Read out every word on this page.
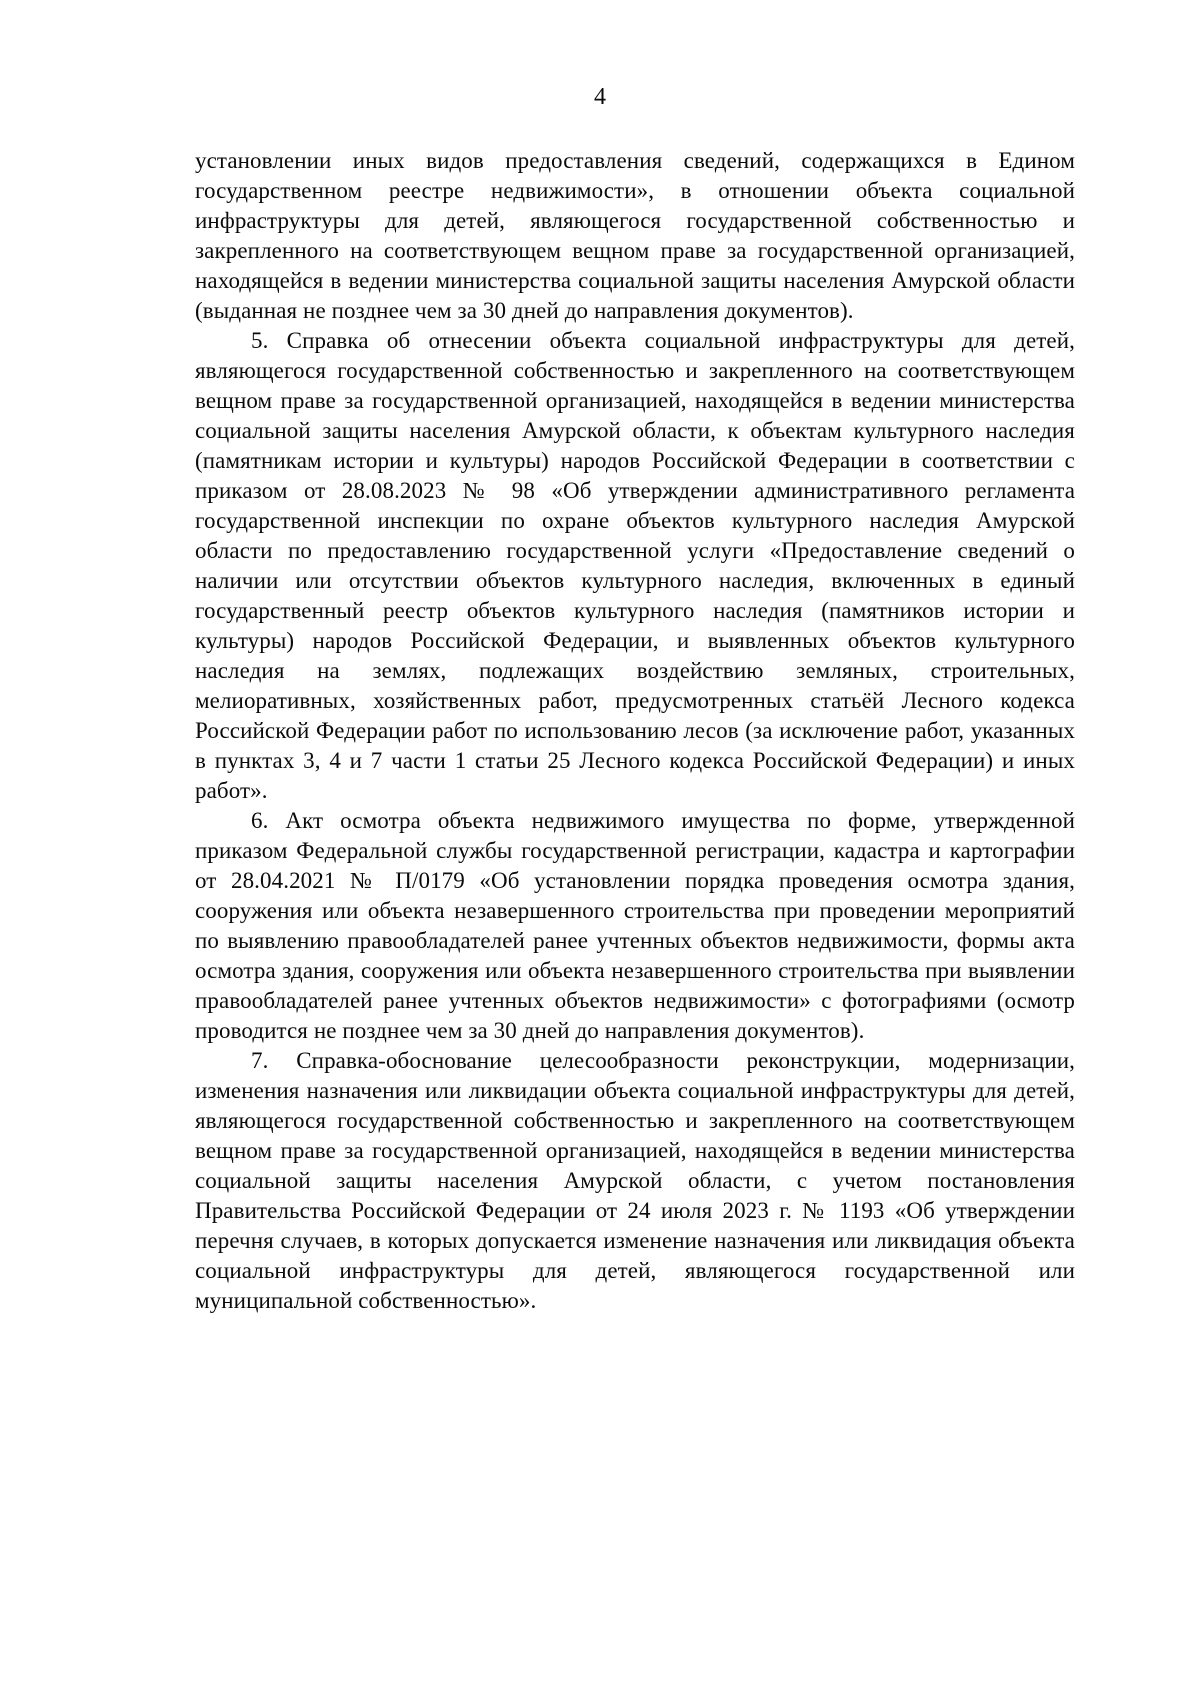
4

установлении иных видов предоставления сведений, содержащихся в Едином государственном реестре недвижимости», в отношении объекта социальной инфраструктуры для детей, являющегося государственной собственностью и закрепленного на соответствующем вещном праве за государственной организацией, находящейся в ведении министерства социальной защиты населения Амурской области (выданная не позднее чем за 30 дней до направления документов).

5. Справка об отнесении объекта социальной инфраструктуры для детей, являющегося государственной собственностью и закрепленного на соответствующем вещном праве за государственной организацией, находящейся в ведении министерства социальной защиты населения Амурской области, к объектам культурного наследия (памятникам истории и культуры) народов Российской Федерации в соответствии с приказом от 28.08.2023 № 98 «Об утверждении административного регламента государственной инспекции по охране объектов культурного наследия Амурской области по предоставлению государственной услуги «Предоставление сведений о наличии или отсутствии объектов культурного наследия, включенных в единый государственный реестр объектов культурного наследия (памятников истории и культуры) народов Российской Федерации, и выявленных объектов культурного наследия на землях, подлежащих воздействию земляных, строительных, мелиоративных, хозяйственных работ, предусмотренных статьёй Лесного кодекса Российской Федерации работ по использованию лесов (за исключение работ, указанных в пунктах 3, 4 и 7 части 1 статьи 25 Лесного кодекса Российской Федерации) и иных работ».

6. Акт осмотра объекта недвижимого имущества по форме, утвержденной приказом Федеральной службы государственной регистрации, кадастра и картографии от 28.04.2021 № П/0179 «Об установлении порядка проведения осмотра здания, сооружения или объекта незавершенного строительства при проведении мероприятий по выявлению правообладателей ранее учтенных объектов недвижимости, формы акта осмотра здания, сооружения или объекта незавершенного строительства при выявлении правообладателей ранее учтенных объектов недвижимости» с фотографиями (осмотр проводится не позднее чем за 30 дней до направления документов).

7. Справка-обоснование целесообразности реконструкции, модернизации, изменения назначения или ликвидации объекта социальной инфраструктуры для детей, являющегося государственной собственностью и закрепленного на соответствующем вещном праве за государственной организацией, находящейся в ведении министерства социальной защиты населения Амурской области, с учетом постановления Правительства Российской Федерации от 24 июля 2023 г. № 1193 «Об утверждении перечня случаев, в которых допускается изменение назначения или ликвидация объекта социальной инфраструктуры для детей, являющегося государственной или муниципальной собственностью».
